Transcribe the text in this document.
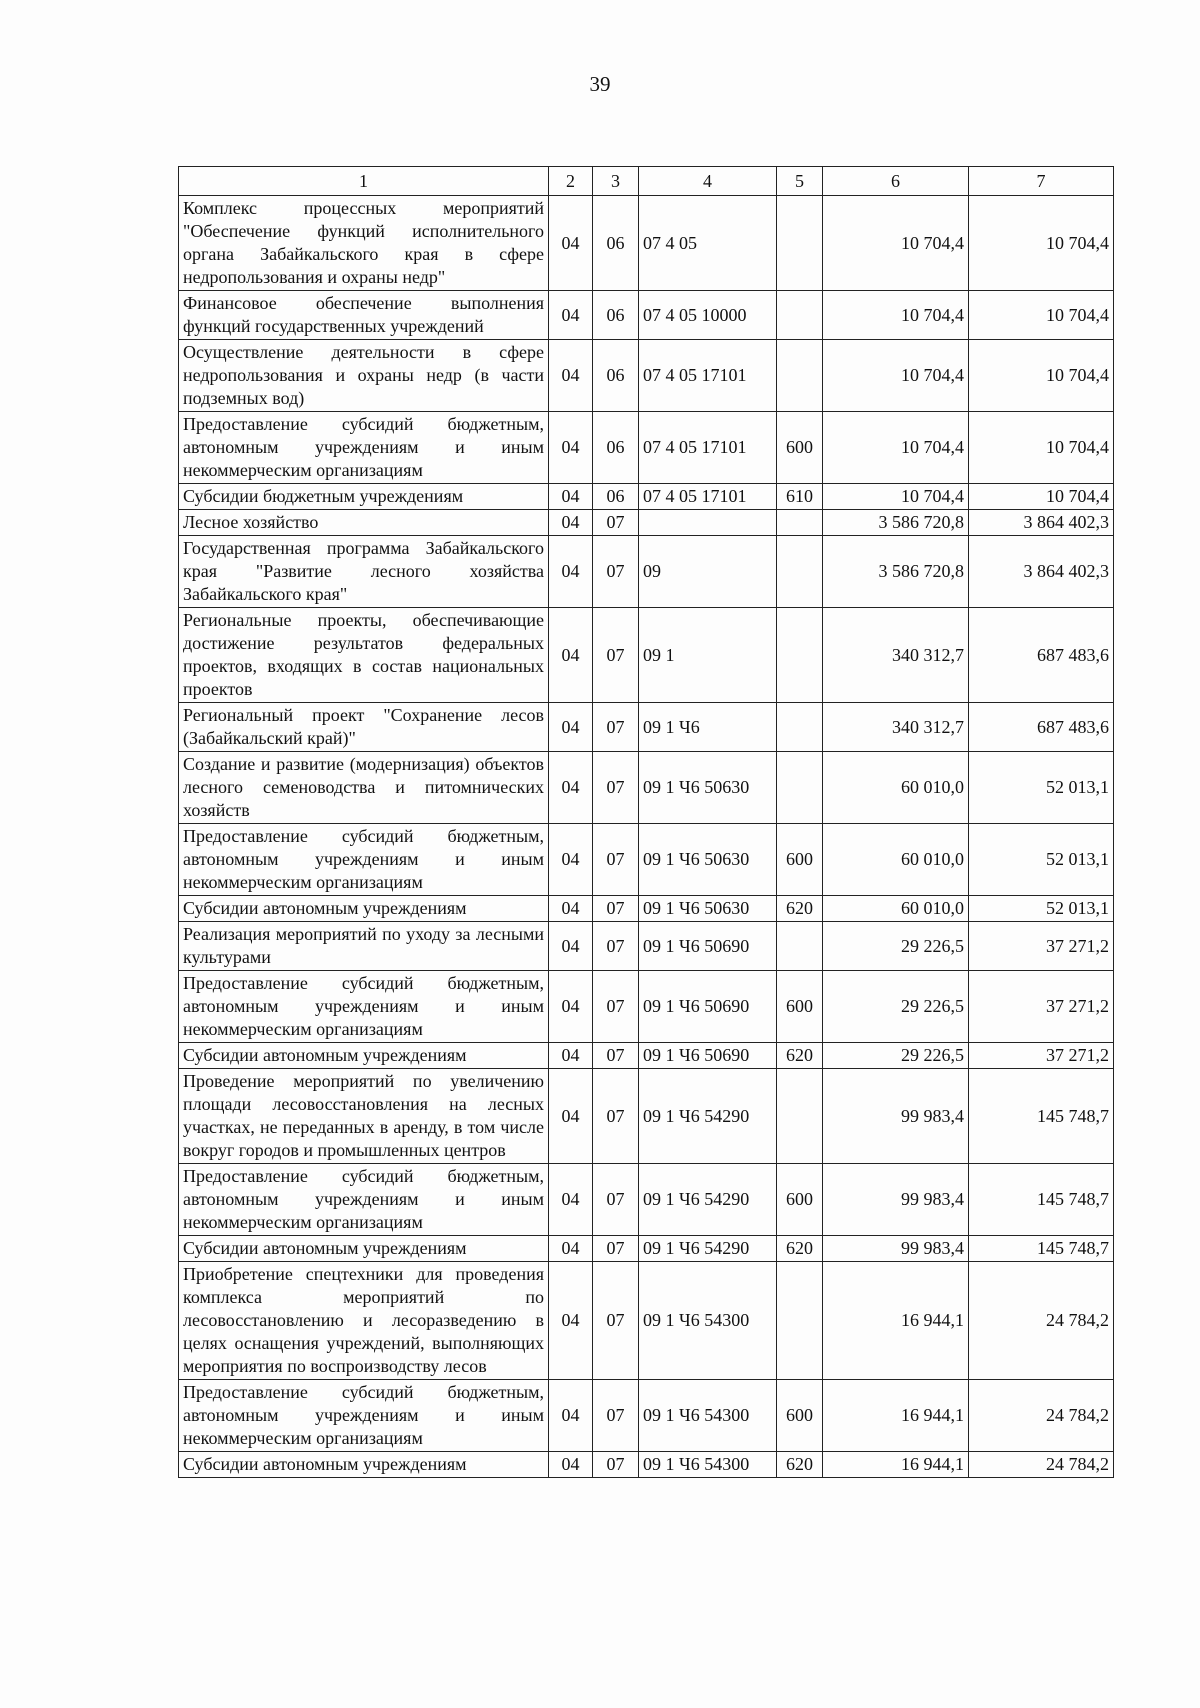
39
1	2	3	4	5	6	7
Комплекс процессных мероприятий "Обеспечение функций исполнительного органа Забайкальского края в сфере недропользования и охраны недр"	04	06	07 4 05		10 704,4	10 704,4
Финансовое обеспечение выполнения функций государственных учреждений	04	06	07 4 05 10000		10 704,4	10 704,4
Осуществление деятельности в сфере недропользования и охраны недр (в части подземных вод)	04	06	07 4 05 17101		10 704,4	10 704,4
Предоставление субсидий бюджетным, автономным учреждениям и иным некоммерческим организациям	04	06	07 4 05 17101	600	10 704,4	10 704,4
Субсидии бюджетным учреждениям	04	06	07 4 05 17101	610	10 704,4	10 704,4
Лесное хозяйство	04	07			3 586 720,8	3 864 402,3
Государственная программа Забайкальского края "Развитие лесного хозяйства Забайкальского края"	04	07	09		3 586 720,8	3 864 402,3
Региональные проекты, обеспечивающие достижение результатов федеральных проектов, входящих в состав национальных проектов	04	07	09 1		340 312,7	687 483,6
Региональный проект "Сохранение лесов (Забайкальский край)"	04	07	09 1 Ч6		340 312,7	687 483,6
Создание и развитие (модернизация) объектов лесного семеноводства и питомнических хозяйств	04	07	09 1 Ч6 50630		60 010,0	52 013,1
Предоставление субсидий бюджетным, автономным учреждениям и иным некоммерческим организациям	04	07	09 1 Ч6 50630	600	60 010,0	52 013,1
Субсидии автономным учреждениям	04	07	09 1 Ч6 50630	620	60 010,0	52 013,1
Реализация мероприятий по уходу за лесными культурами	04	07	09 1 Ч6 50690		29 226,5	37 271,2
Предоставление субсидий бюджетным, автономным учреждениям и иным некоммерческим организациям	04	07	09 1 Ч6 50690	600	29 226,5	37 271,2
Субсидии автономным учреждениям	04	07	09 1 Ч6 50690	620	29 226,5	37 271,2
Проведение мероприятий по увеличению площади лесовосстановления на лесных участках, не переданных в аренду, в том числе вокруг городов и промышленных центров	04	07	09 1 Ч6 54290		99 983,4	145 748,7
Предоставление субсидий бюджетным, автономным учреждениям и иным некоммерческим организациям	04	07	09 1 Ч6 54290	600	99 983,4	145 748,7
Субсидии автономным учреждениям	04	07	09 1 Ч6 54290	620	99 983,4	145 748,7
Приобретение спецтехники для проведения комплекса мероприятий по лесовосстановлению и лесоразведению в целях оснащения учреждений, выполняющих мероприятия по воспроизводству лесов	04	07	09 1 Ч6 54300		16 944,1	24 784,2
Предоставление субсидий бюджетным, автономным учреждениям и иным некоммерческим организациям	04	07	09 1 Ч6 54300	600	16 944,1	24 784,2
Субсидии автономным учреждениям	04	07	09 1 Ч6 54300	620	16 944,1	24 784,2
